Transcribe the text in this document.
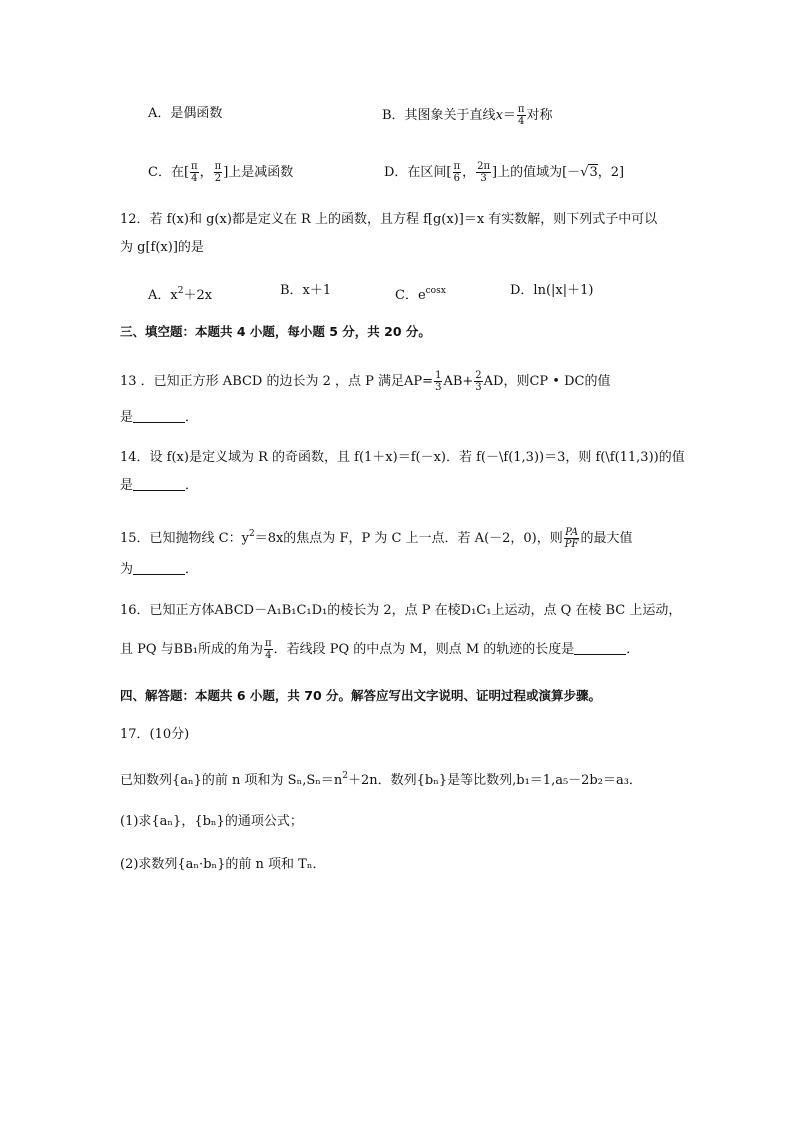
A．是偶函数	B．其图象关于直线$x= \frac{\pi}{4}$ 对称
C．在[ $\frac{\pi}{4}$ ， $\frac{\pi}{2}$ ]上是减函数	D．在区间[ $\frac{\pi}{6}$ ， $\frac{2\pi}{3}$ ]上的值域为[－√3，2]
12．若 f(x)和 g(x)都是定义在 R 上的函数，且方程 f[g(x)]＝x 有实数解，则下列式子中可以
为 g[f(x)]的是
A．$x^2+2x$	B．x＋1	C．$e^{cosx}$	D．ln(|x|＋1)
三、填空题：本题共 4 小题，每小题 5 分，共 20 分。
13 ．已知正方形 ABCD 的边长为 2 ，点 P 满足$AP= \frac{1}{3} AB+ \frac{2}{3}$ AD，则CP • DC的值
是	．
14．设 f(x)是定义域为 R 的奇函数，且 f(1＋x)＝f(－x)．若 f(－\f(1,3))＝3，则 f(\f(11,3))的值
是	．
15．已知抛物线 C：$y^2=8x$的焦点为 F，P 为 C 上一点．若 A(－2，0)，则 $\frac{PA}{PF}$ 的最大值
为	．
16．已知正方体ABCD－A₁B₁C₁D₁的棱长为 2，点 P 在棱D₁C₁上运动，点 Q 在棱 BC 上运动，
且 PQ 与BB₁所成的角为 $\frac{\pi}{4}$ ．若线段 PQ 的中点为 M，则点 M 的轨迹的长度是	．
四、解答题：本题共 6 小题，共 70 分。解答应写出文字说明、证明过程或演算步骤。
17．(10分)
已知数列{aₙ}的前 n 项和为 $S_n,S_n=n^2+2n$．数列{bₙ}是等比数列,b₁＝1,a₅－2b₂＝a₃．
(1)求{aₙ}，{bₙ}的通项公式；
(2)求数列{aₙ·bₙ}的前 n 项和 Tₙ．
